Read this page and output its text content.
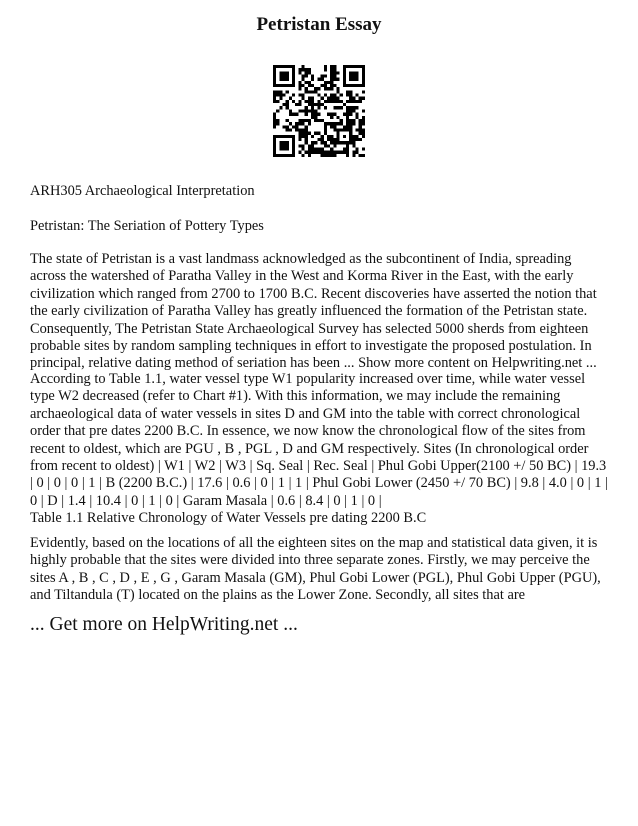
Petristan Essay
ARH305 Archaeological Interpretation
Petristan: The Seriation of Pottery Types

The state of Petristan is a vast landmass acknowledged as the subcontinent of India, spreading across the watershed of Paratha Valley in the West and Korma River in the East, with the early civilization which ranged from 2700 to 1700 B.C. Recent discoveries have asserted the notion that the early civilization of Paratha Valley has greatly influenced the formation of the Petristan state. Consequently, The Petristan State Archaeological Survey has selected 5000 sherds from eighteen probable sites by random sampling techniques in effort to investigate the proposed postulation. In principal, relative dating method of seriation has been ... Show more content on Helpwriting.net ...

According to Table 1.1, water vessel type W1 popularity increased over time, while water vessel type W2 decreased (refer to Chart #1). With this information, we may include the remaining archaeological data of water vessels in sites D and GM into the table with correct chronological order that pre dates 2200 B.C. In essence, we now know the chronological flow of the sites from recent to oldest, which are PGU , B , PGL , D and GM respectively. Sites (In chronological order from recent to oldest) | W1 | W2 | W3 | Sq. Seal | Rec. Seal | Phul Gobi Upper(2100 +/ 50 BC) | 19.3 | 0 | 0 | 0 | 1 | B (2200 B.C.) | 17.6 | 0.6 | 0 | 1 | 1 | Phul Gobi Lower (2450 +/ 70 BC) | 9.8 | 4.0 | 0 | 1 | 0 | D | 1.4 | 10.4 | 0 | 1 | 0 | Garam Masala | 0.6 | 8.4 | 0 | 1 | 0 |

Table 1.1 Relative Chronology of Water Vessels pre dating 2200 B.C

Evidently, based on the locations of all the eighteen sites on the map and statistical data given, it is highly probable that the sites were divided into three separate zones. Firstly, we may perceive the sites A , B , C , D , E , G , Garam Masala (GM), Phul Gobi Lower (PGL), Phul Gobi Upper (PGU), and Tiltandula (T) located on the plains as the Lower Zone. Secondly, all sites that are

... Get more on HelpWriting.net ...
